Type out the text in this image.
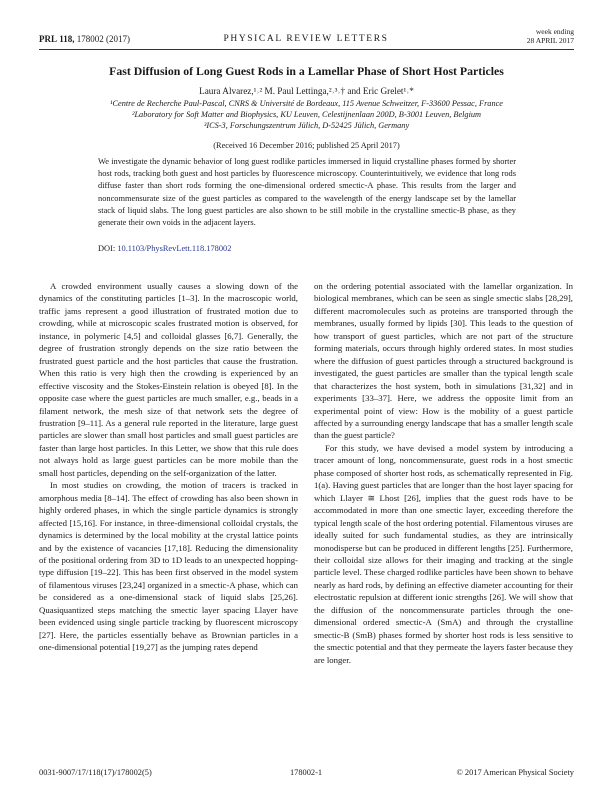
PRL 118, 178002 (2017)	PHYSICAL REVIEW LETTERS
week ending
28 APRIL 2017
Fast Diffusion of Long Guest Rods in a Lamellar Phase of Short Host Particles
Laura Alvarez,¹˒² M. Paul Lettinga,²˒³˒† and Eric Grelet¹˒*
¹Centre de Recherche Paul-Pascal, CNRS & Université de Bordeaux, 115 Avenue Schweitzer, F-33600 Pessac, France
²Laboratory for Soft Matter and Biophysics, KU Leuven, Celestijnenlaan 200D, B-3001 Leuven, Belgium
³ICS-3, Forschungszentrum Jülich, D-52425 Jülich, Germany
(Received 16 December 2016; published 25 April 2017)
We investigate the dynamic behavior of long guest rodlike particles immersed in liquid crystalline phases formed by shorter host rods, tracking both guest and host particles by fluorescence microscopy. Counterintuitively, we evidence that long rods diffuse faster than short rods forming the one-dimensional ordered smectic-A phase. This results from the larger and noncommensurate size of the guest particles as compared to the wavelength of the energy landscape set by the lamellar stack of liquid slabs. The long guest particles are also shown to be still mobile in the crystalline smectic-B phase, as they generate their own voids in the adjacent layers.
DOI: 10.1103/PhysRevLett.118.178002

A crowded environment usually causes a slowing down of the dynamics of the constituting particles [1–3]. In the macroscopic world, traffic jams represent a good illustration of frustrated motion due to crowding, while at microscopic scales frustrated motion is observed, for instance, in polymeric [4,5] and colloidal glasses [6,7]. Generally, the degree of frustration strongly depends on the size ratio between the frustrated guest particle and the host particles that cause the frustration. When this ratio is very high then the crowding is experienced by an effective viscosity and the Stokes-Einstein relation is obeyed [8]. In the opposite case where the guest particles are much smaller, e.g., beads in a filament network, the mesh size of that network sets the degree of frustration [9–11]. As a general rule reported in the literature, large guest particles are slower than small host particles and small guest particles are faster than large host particles. In this Letter, we show that this rule does not always hold as large guest particles can be more mobile than the small host particles, depending on the self-organization of the latter.

In most studies on crowding, the motion of tracers is tracked in amorphous media [8–14]. The effect of crowding has also been shown in highly ordered phases, in which the single particle dynamics is strongly affected [15,16]. For instance, in three-dimensional colloidal crystals, the dynamics is determined by the local mobility at the crystal lattice points and by the existence of vacancies [17,18]. Reducing the dimensionality of the positional ordering from 3D to 1D leads to an unexpected hopping-type diffusion [19–22]. This has been first observed in the model system of filamentous viruses [23,24] organized in a smectic-A phase, which can be considered as a one-dimensional stack of liquid slabs [25,26]. Quasiquantized steps matching the smectic layer spacing Llayer have been evidenced using single particle tracking by fluorescent microscopy [27]. Here, the particles essentially behave as Brownian particles in a one-dimensional potential [19,27] as the jumping rates depend

on the ordering potential associated with the lamellar organization. In biological membranes, which can be seen as single smectic slabs [28,29], different macromolecules such as proteins are transported through the membranes, usually formed by lipids [30]. This leads to the question of how transport of guest particles, which are not part of the structure forming materials, occurs through highly ordered states. In most studies where the diffusion of guest particles through a structured background is investigated, the guest particles are smaller than the typical length scale that characterizes the host system, both in simulations [31,32] and in experiments [33–37]. Here, we address the opposite limit from an experimental point of view: How is the mobility of a guest particle affected by a surrounding energy landscape that has a smaller length scale than the guest particle?

For this study, we have devised a model system by introducing a tracer amount of long, noncommensurate, guest rods in a host smectic phase composed of shorter host rods, as schematically represented in Fig. 1(a). Having guest particles that are longer than the host layer spacing for which Llayer ≅ Lhost [26], implies that the guest rods have to be accommodated in more than one smectic layer, exceeding therefore the typical length scale of the host ordering potential. Filamentous viruses are ideally suited for such fundamental studies, as they are intrinsically monodisperse but can be produced in different lengths [25]. Furthermore, their colloidal size allows for their imaging and tracking at the single particle level. These charged rodlike particles have been shown to behave nearly as hard rods, by defining an effective diameter accounting for their electrostatic repulsion at different ionic strengths [26]. We will show that the diffusion of the noncommensurate particles through the one-dimensional ordered smectic-A (SmA) and through the crystalline smectic-B (SmB) phases formed by shorter host rods is less sensitive to the smectic potential and that they permeate the layers faster because they are longer.

0031-9007/17/118(17)/178002(5)	178002-1	© 2017 American Physical Society
